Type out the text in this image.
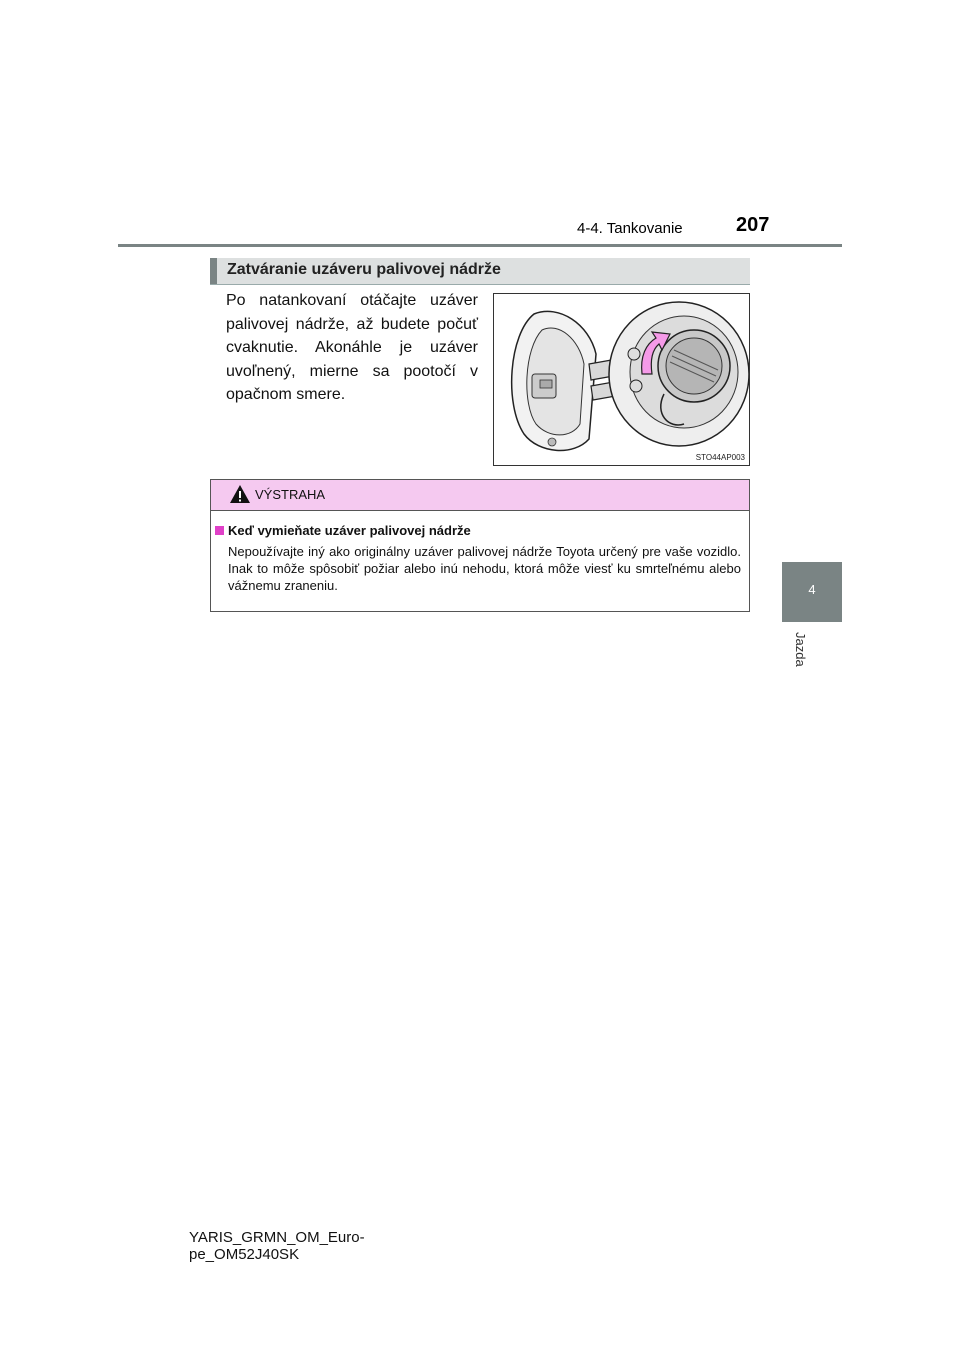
4-4. Tankovanie	207
4
Jazda
Zatváranie uzáveru palivovej nádrže
Po natankovaní otáčajte uzáver palivovej nádrže, až budete počuť cvaknutie. Akonáhle je uzáver uvoľnený, mierne sa pootočí v opačnom smere.
STO44AP003
VÝSTRAHA
Keď vymieňate uzáver palivovej nádrže
Nepoužívajte iný ako originálny uzáver palivovej nádrže Toyota určený pre vaše vozidlo. Inak to môže spôsobiť požiar alebo inú nehodu, ktorá môže viesť ku smrteľnému alebo vážnemu zraneniu.
YARIS_GRMN_OM_Euro-
pe_OM52J40SK
